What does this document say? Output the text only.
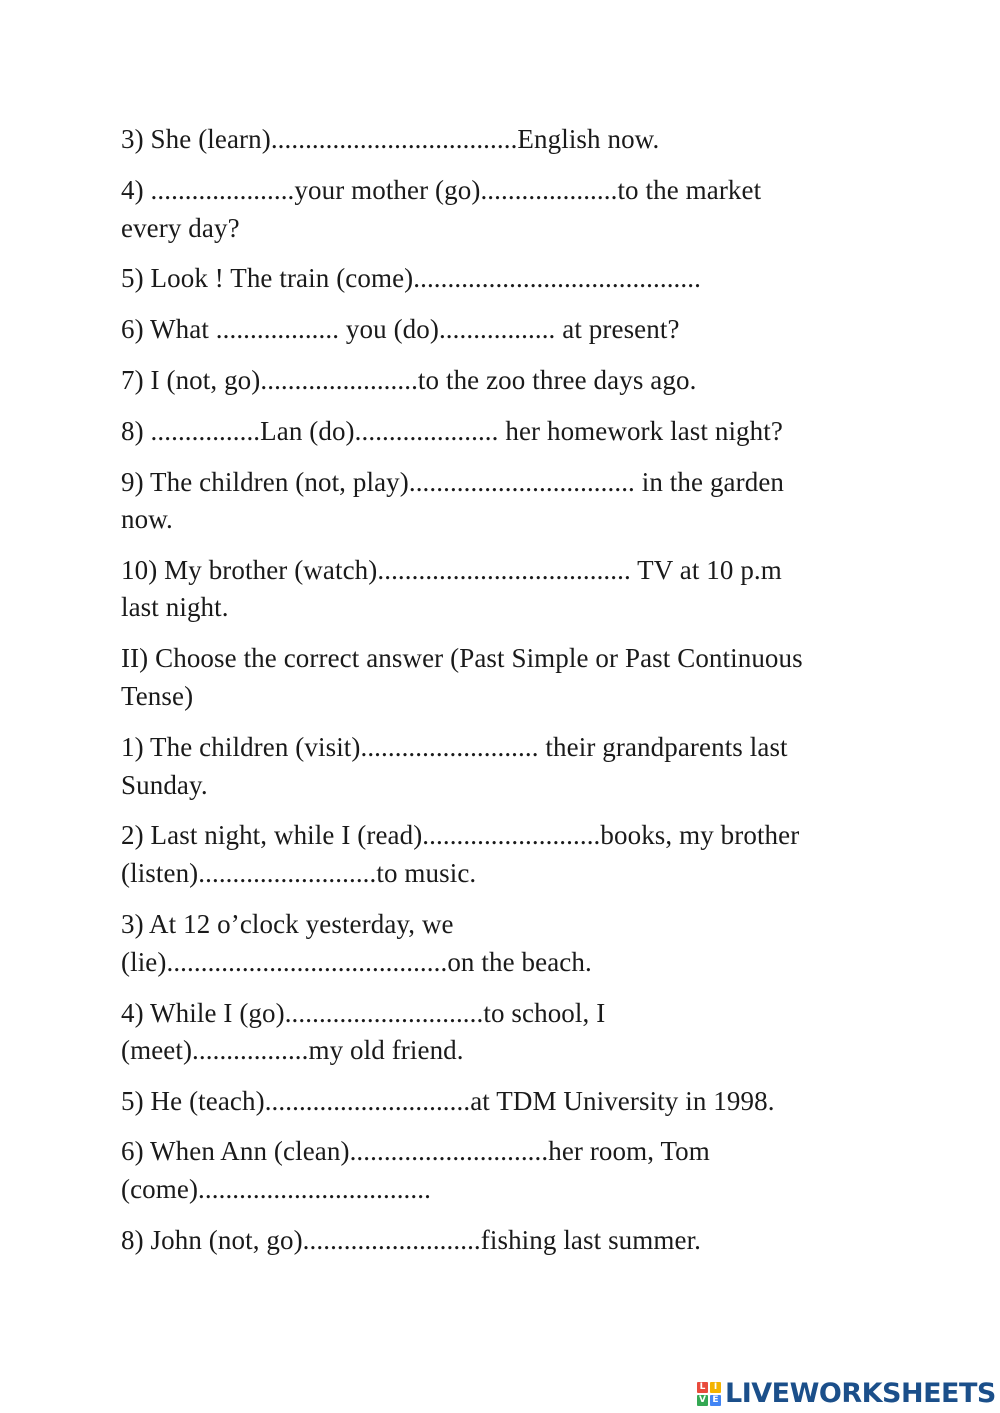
3) She (learn)....................................English now.
4) .....................your mother (go)....................to the market
every day?
5) Look ! The train (come)..........................................
6) What .................. you (do)................. at present?
7) I (not, go).......................to the zoo three days ago.
8) ................Lan (do)..................... her homework last night?
9) The children (not, play)................................. in the garden
now.
10) My brother (watch)..................................... TV at 10 p.m
last night.
II) Choose the correct answer (Past Simple or Past Continuous
Tense)
1) The children (visit).......................... their grandparents last
Sunday.
2) Last night, while I (read)..........................books, my brother
(listen)..........................to music.
3) At 12 o’clock yesterday, we
(lie).........................................on the beach.
4) While I (go).............................to school, I
(meet).................my old friend.
5) He (teach)..............................at TDM University in 1998.
6) When Ann (clean).............................her room, Tom
(come)..................................
8) John (not, go)..........................fishing last summer.
L I
V E LIVEWORKSHEETS
